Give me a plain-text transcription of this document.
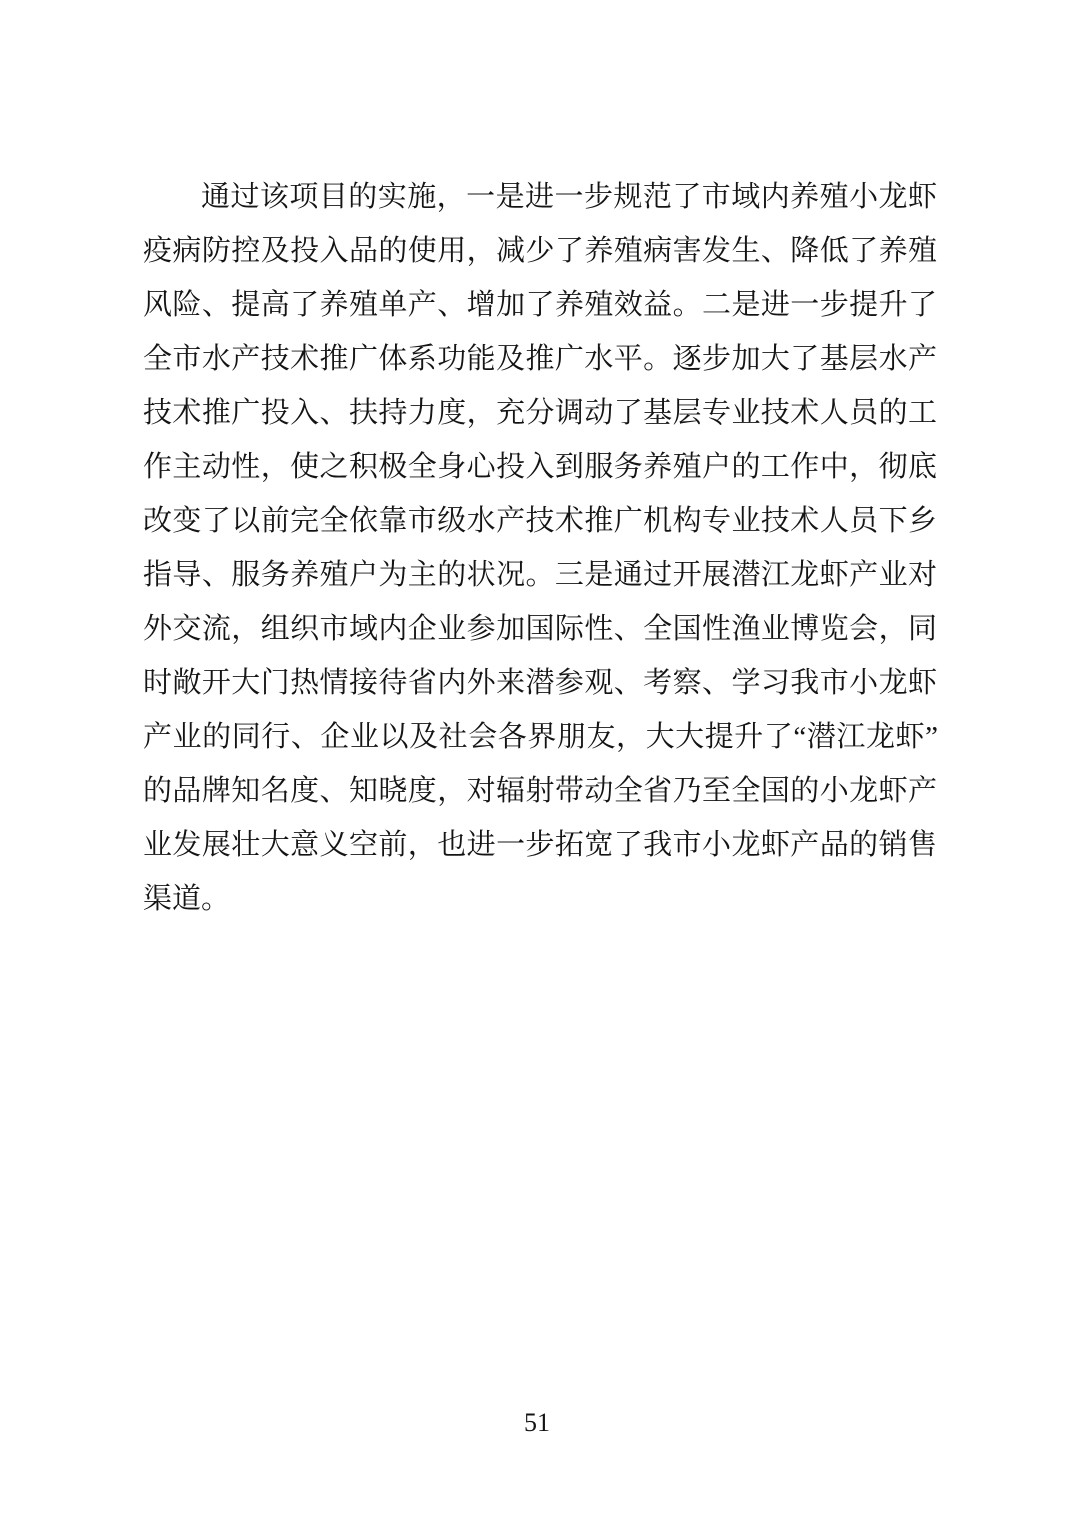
通过该项目的实施，一是进一步规范了市域内养殖小龙虾
疫病防控及投入品的使用，减少了养殖病害发生、降低了养殖
风险、提高了养殖单产、增加了养殖效益。二是进一步提升了
全市水产技术推广体系功能及推广水平。逐步加大了基层水产
技术推广投入、扶持力度，充分调动了基层专业技术人员的工
作主动性，使之积极全身心投入到服务养殖户的工作中，彻底
改变了以前完全依靠市级水产技术推广机构专业技术人员下乡
指导、服务养殖户为主的状况。三是通过开展潜江龙虾产业对
外交流，组织市域内企业参加国际性、全国性渔业博览会，同
时敞开大门热情接待省内外来潜参观、考察、学习我市小龙虾
产业的同行、企业以及社会各界朋友，大大提升了“潜江龙虾”
的品牌知名度、知晓度，对辐射带动全省乃至全国的小龙虾产
业发展壮大意义空前，也进一步拓宽了我市小龙虾产品的销售
渠道。
51
